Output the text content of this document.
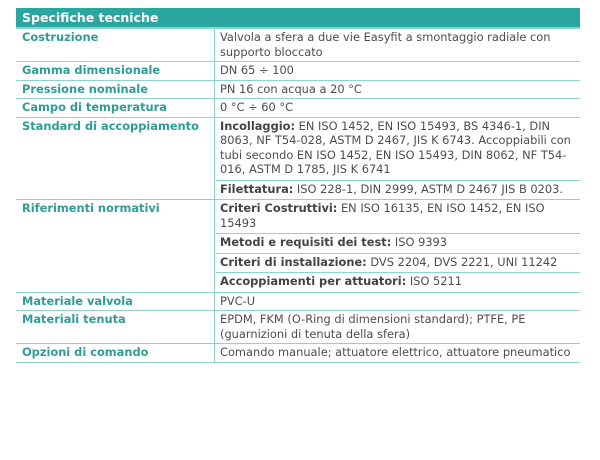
Specifiche tecniche
Costruzione	Valvola a sfera a due vie Easyfit a smontaggio radiale con supporto bloccato
Gamma dimensionale	DN 65 ÷ 100
Pressione nominale	PN 16 con acqua a 20 °C
Campo di temperatura	0 °C ÷ 60 °C
Standard di accoppiamento	Incollaggio: EN ISO 1452, EN ISO 15493, BS 4346-1, DIN 8063, NF T54-028, ASTM D 2467, JIS K 6743. Accoppiabili con tubi secondo EN ISO 1452, EN ISO 15493, DIN 8062, NF T54-016, ASTM D 1785, JIS K 6741
Filettatura: ISO 228-1, DIN 2999, ASTM D 2467 JIS B 0203.

Riferimenti normativi	Criteri Costruttivi: EN ISO 16135, EN ISO 1452, EN ISO 15493
Metodi e requisiti dei test: ISO 9393
Criteri di installazione: DVS 2204, DVS 2221, UNI 11242
Accoppiamenti per attuatori: ISO 5211

Materiale valvola	PVC-U
Materiali tenuta	EPDM, FKM (O-Ring di dimensioni standard); PTFE, PE (guarnizioni di tenuta della sfera)
Opzioni di comando	Comando manuale; attuatore elettrico, attuatore pneumatico
